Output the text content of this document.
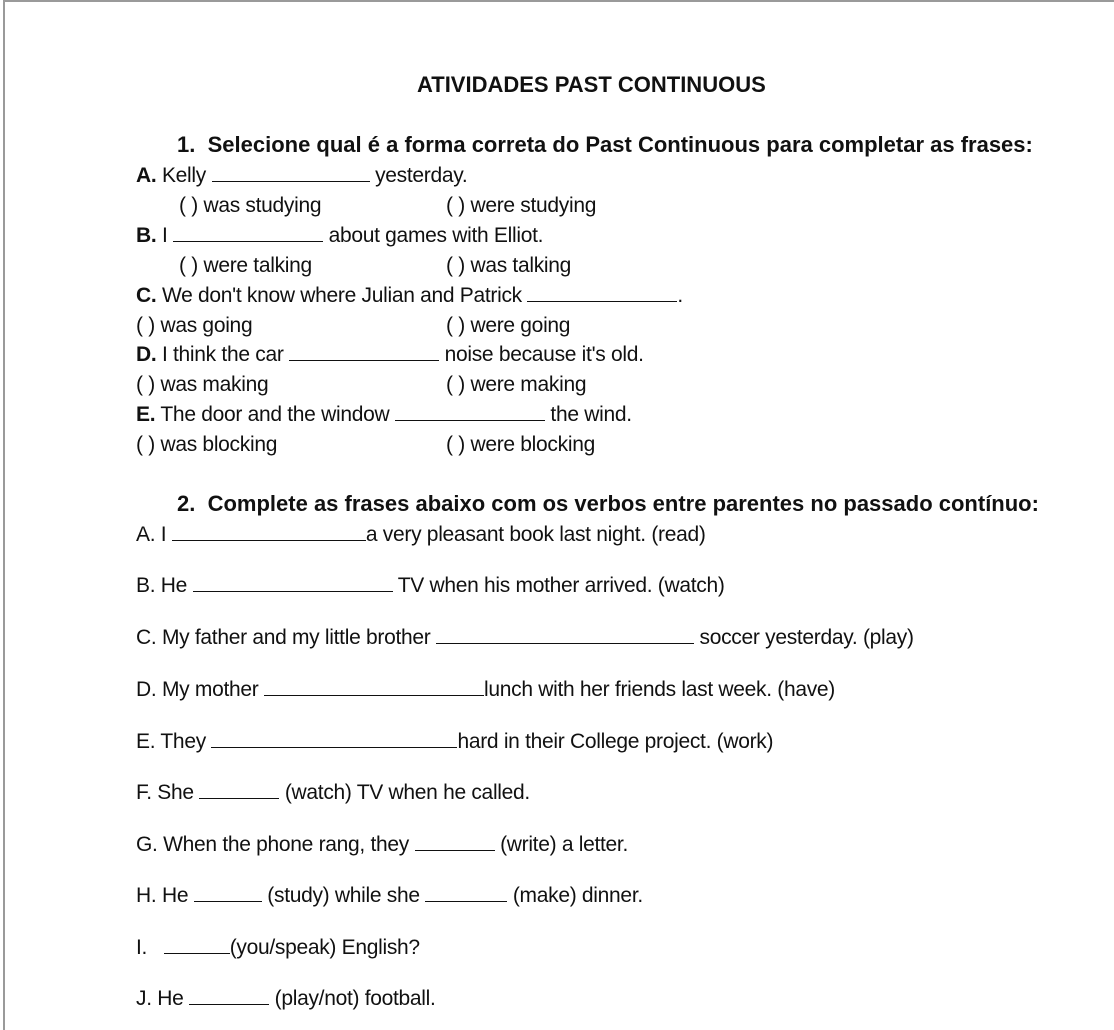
ATIVIDADES PAST CONTINUOUS
1. Selecione qual é a forma correta do Past Continuous para completar as frases:
A. Kelly	yesterday.
( ) was studying	( ) were studying
B. I	about games with Elliot.
( ) were talking	( ) was talking
C. We don't know where Julian and Patrick	.
( ) was going	( ) were going
D. I think the car	noise because it's old.
( ) was making	( ) were making
E. The door and the window	the wind.
( ) was blocking	( ) were blocking
2. Complete as frases abaixo com os verbos entre parentes no passado contínuo:
A. I	a very pleasant book last night. (read)
B. He	TV when his mother arrived. (watch)
C. My father and my little brother	soccer yesterday. (play)
D. My mother	lunch with her friends last week. (have)
E. They	hard in their College project. (work)
F. She	(watch) TV when he called.
G. When the phone rang, they	(write) a letter.
H. He	(study) while she	(make) dinner.
I.	(you/speak) English?
J. He	(play/not) football.
